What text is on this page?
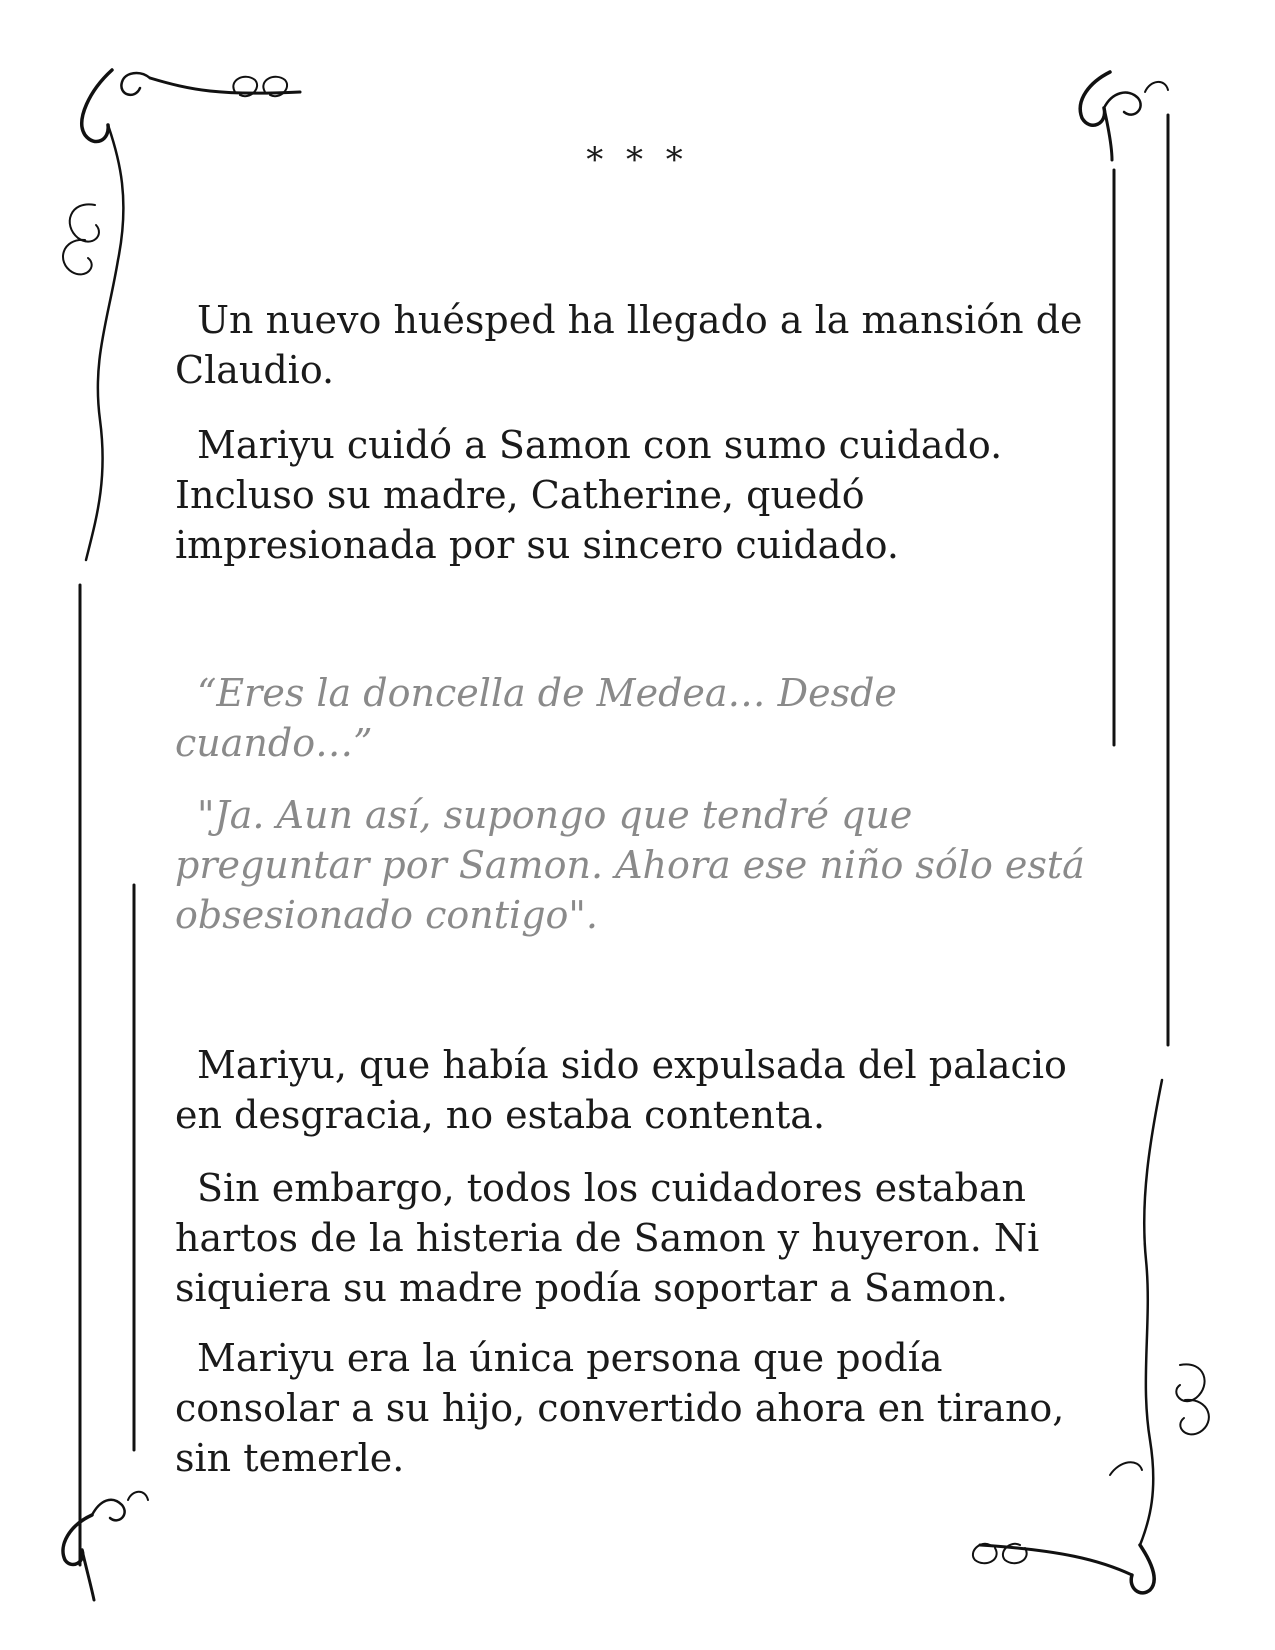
* * *

Un nuevo huésped ha llegado a la mansión de Claudio.

Mariyu cuidó a Samon con sumo cuidado. Incluso su madre, Catherine, quedó impresionada por su sincero cuidado.

“Eres la doncella de Medea… Desde cuando…”

"Ja. Aun así, supongo que tendré que preguntar por Samon. Ahora ese niño sólo está obsesionado contigo".

Mariyu, que había sido expulsada del palacio en desgracia, no estaba contenta.

Sin embargo, todos los cuidadores estaban hartos de la histeria de Samon y huyeron. Ni siquiera su madre podía soportar a Samon.

Mariyu era la única persona que podía consolar a su hijo, convertido ahora en tirano, sin temerle.
